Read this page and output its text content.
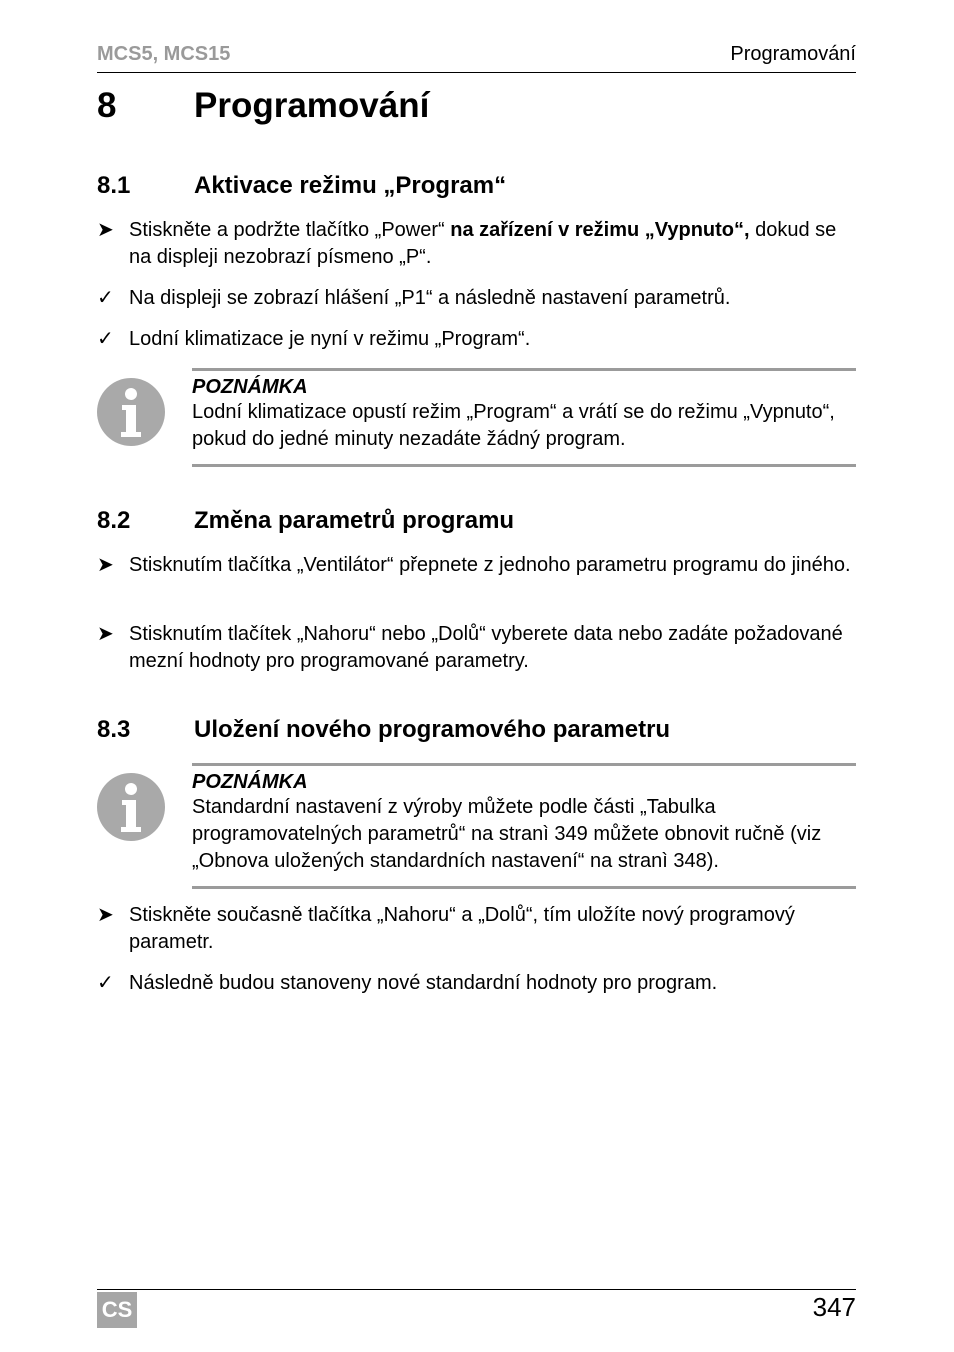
MCS5, MCS15	Programování
8 Programování
8.1	Aktivace režimu „Program“
➤ Stiskněte a podržte tlačítko „Power“ na zařízení v režimu „Vypnuto“, dokud se na displeji nezobrazí písmeno „P“.
✓ Na displeji se zobrazí hlášení „P1“ a následně nastavení parametrů.
✓ Lodní klimatizace je nyní v režimu „Program“.
POZNÁMKA
Lodní klimatizace opustí režim „Program“ a vrátí se do režimu „Vypnuto“, pokud do jedné minuty nezadáte žádný program.
8.2	Změna parametrů programu
➤ Stisknutím tlačítka „Ventilátor“ přepnete z jednoho parametru programu do jiného.
➤ Stisknutím tlačítek „Nahoru“ nebo „Dolů“ vyberete data nebo zadáte požadované mezní hodnoty pro programované parametry.
8.3	Uložení nového programového parametru
POZNÁMKA
Standardní nastavení z výroby můžete podle části „Tabulka programovatelných parametrů“ na stranì 349 můžete obnovit ručně (viz „Obnova uložených standardních nastavení“ na stranì 348).
➤ Stiskněte současně tlačítka „Nahoru“ a „Dolů“, tím uložíte nový programový parametr.
✓ Následně budou stanoveny nové standardní hodnoty pro program.
CS	347
